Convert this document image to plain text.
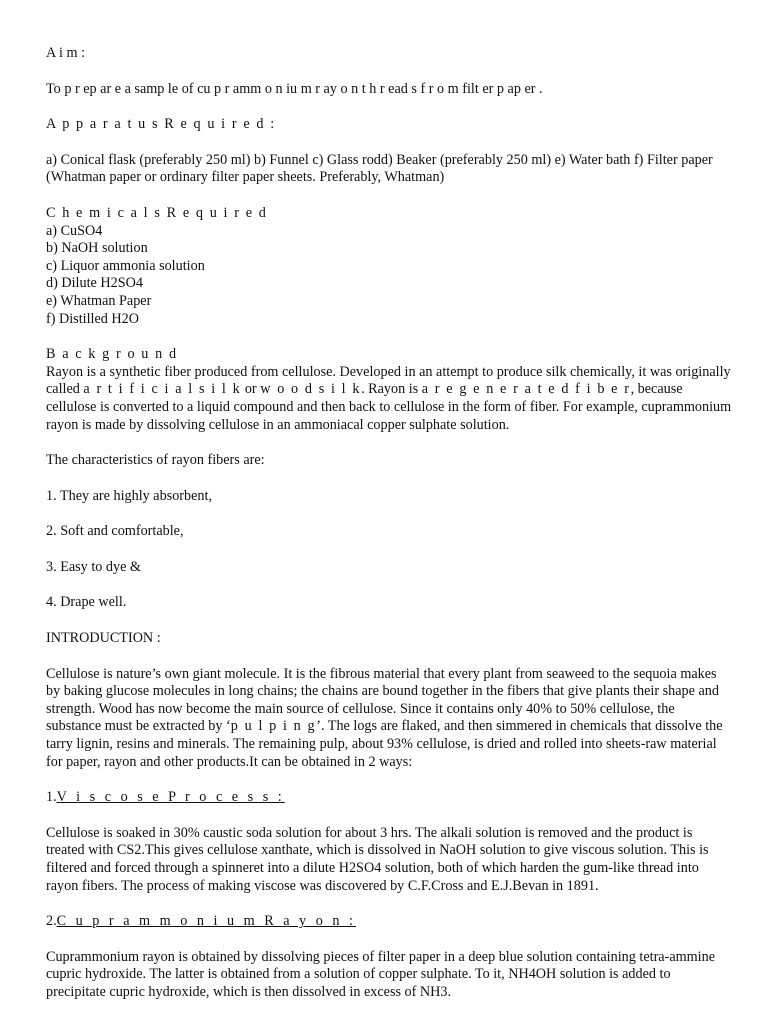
A i m :

To p r ep ar e a samp le of cu p r amm o n iu m r ay o n t h r ead s f r o m filt er p ap er .

A p p a r a t u s R e q u i r e d :

a) Conical flask (preferably 250 ml) b) Funnel c) Glass rodd) Beaker (preferably 250 ml) e) Water bath f) Filter paper (Whatman paper or ordinary filter paper sheets. Preferably, Whatman)

C h e m i c a l s R e q u i r e d

a) CuSO4

b) NaOH solution

c) Liquor ammonia solution

d) Dilute H2SO4

e) Whatman Paper

f) Distilled H2O

B a c k g r o u n d

Rayon is a synthetic fiber produced from cellulose. Developed in an attempt to produce silk chemically, it was originally called a r t i f i c i a l s i l k or w o o d s i l k. Rayon is a r e g e n e r a t e d f i b e r, because cellulose is converted to a liquid compound and then back to cellulose in the form of fiber. For example, cuprammonium rayon is made by dissolving cellulose in an ammoniacal copper sulphate solution.

The characteristics of rayon fibers are:

1. They are highly absorbent,

2. Soft and comfortable,

3. Easy to dye &

4. Drape well.

INTRODUCTION :

Cellulose is nature’s own giant molecule. It is the fibrous material that every plant from seaweed to the sequoia makes by baking glucose molecules in long chains; the chains are bound together in the fibers that give plants their shape and strength. Wood has now become the main source of cellulose. Since it contains only 40% to 50% cellulose, the substance must be extracted by ‘p u l p i n g’. The logs are flaked, and then simmered in chemicals that dissolve the tarry lignin, resins and minerals. The remaining pulp, about 93% cellulose, is dried and rolled into sheets-raw material for paper, rayon and other products.It can be obtained in 2 ways:

1.V i s c o s e P r o c e s s :

Cellulose is soaked in 30% caustic soda solution for about 3 hrs. The alkali solution is removed and the product is treated with CS2.This gives cellulose xanthate, which is dissolved in NaOH solution to give viscous solution. This is filtered and forced through a spinneret into a dilute H2SO4 solution, both of which harden the gum-like thread into rayon fibers. The process of making viscose was discovered by C.F.Cross and E.J.Bevan in 1891.

2.C u p r a m m o n i u m R a y o n :

Cuprammonium rayon is obtained by dissolving pieces of filter paper in a deep blue solution containing tetra-ammine cupric hydroxide. The latter is obtained from a solution of copper sulphate. To it, NH4OH solution is added to precipitate cupric hydroxide, which is then dissolved in excess of NH3.
